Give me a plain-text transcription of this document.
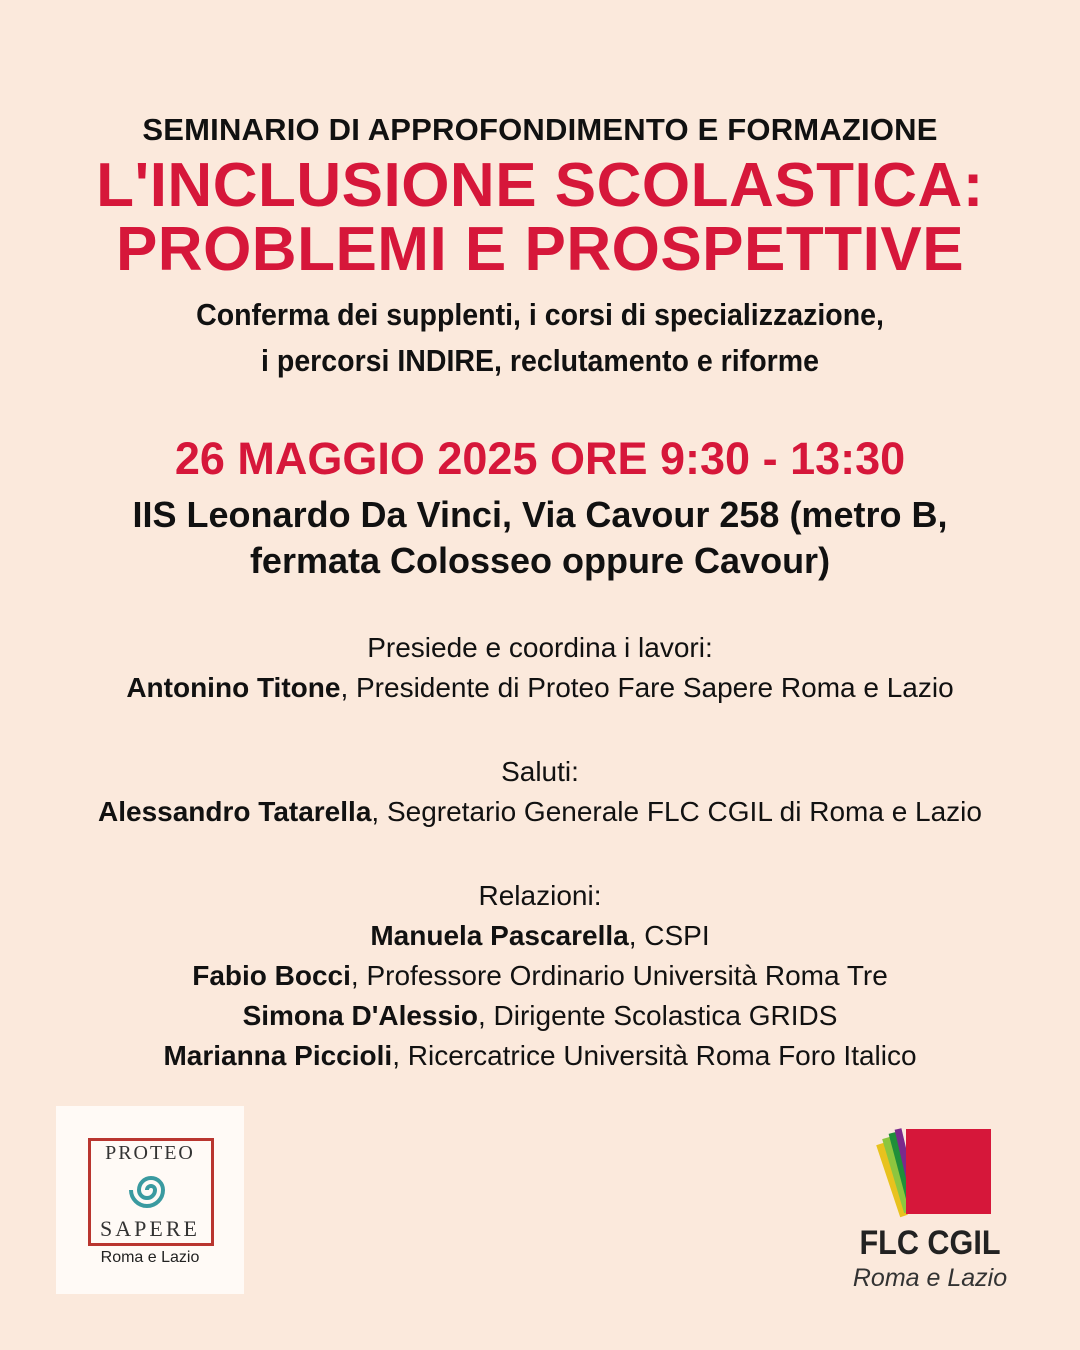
SEMINARIO DI APPROFONDIMENTO E FORMAZIONE
L'INCLUSIONE SCOLASTICA:
PROBLEMI E PROSPETTIVE
Conferma dei supplenti, i corsi di specializzazione,
i percorsi INDIRE, reclutamento e riforme
26 MAGGIO 2025 ORE 9:30 - 13:30
IIS Leonardo Da Vinci, Via Cavour 258 (metro B,
fermata Colosseo oppure Cavour)
Presiede e coordina i lavori:
Antonino Titone, Presidente di Proteo Fare Sapere Roma e Lazio
Saluti:
Alessandro Tatarella, Segretario Generale FLC CGIL di Roma e Lazio
Relazioni:
Manuela Pascarella, CSPI
Fabio Bocci, Professore Ordinario Università Roma Tre
Simona D'Alessio, Dirigente Scolastica GRIDS
Marianna Piccioli, Ricercatrice Università Roma Foro Italico
PROTEO
SAPERE
Roma e Lazio	FLC CGIL
Roma e Lazio
